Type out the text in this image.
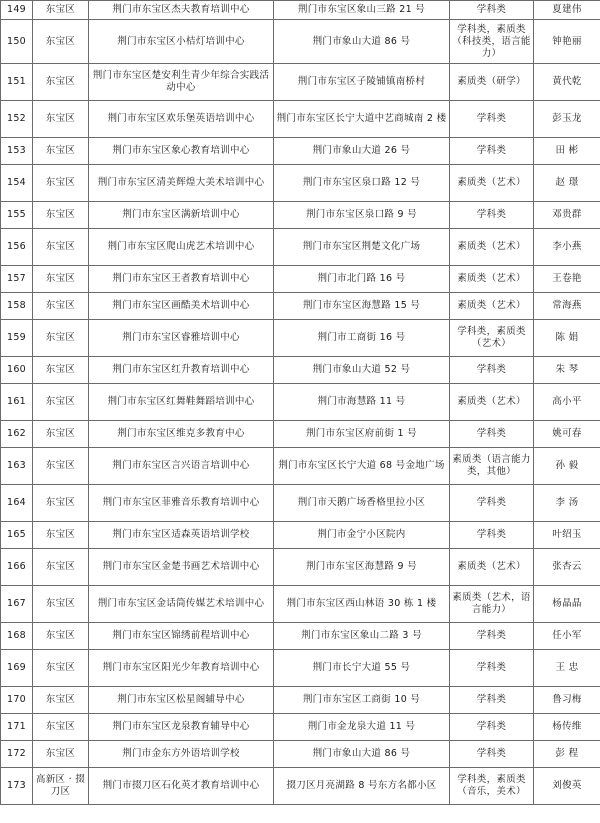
149	东宝区	荆门市东宝区杰夫教育培训中心	荆门市东宝区象山三路 21 号	学科类	夏建伟
150	东宝区	荆门市东宝区小桔灯培训中心	荆门市象山大道 86 号	学科类，素质类（科技类，语言能力）	钟艳丽
151	东宝区	荆门市东宝区楚安利生青少年综合实践活动中心	荆门市东宝区子陵铺镇南桥村	素质类（研学）	黄代乾
152	东宝区	荆门市东宝区欢乐堡英语培训中心	荆门市东宝区长宁大道中艺商城南 2 楼	学科类	彭玉龙
153	东宝区	荆门市东宝区象心教育培训中心	荆门市象山大道 26 号	学科类	田 彬
154	东宝区	荆门市东宝区清美辉煌大美术培训中心	荆门市东宝区泉口路 12 号	素质类（艺术）	赵 璟
155	东宝区	荆门市东宝区满新培训中心	荆门市东宝区泉口路 9 号	学科类	邓贵群
156	东宝区	荆门市东宝区爬山虎艺术培训中心	荆门市东宝区荆楚文化广场	素质类（艺术）	李小燕
157	东宝区	荆门市东宝区王者教育培训中心	荆门市北门路 16 号	素质类（艺术）	王卷艳
158	东宝区	荆门市东宝区画酷美术培训中心	荆门市东宝区海慧路 15 号	素质类（艺术）	常海燕
159	东宝区	荆门市东宝区睿雅培训中心	荆门市工商街 16 号	学科类，素质类（艺术）	陈 娟
160	东宝区	荆门市东宝区红升教育培训中心	荆门市象山大道 52 号	学科类	朱 琴
161	东宝区	荆门市东宝区红舞鞋舞蹈培训中心	荆门市海慧路 11 号	素质类（艺术）	高小平
162	东宝区	荆门市东宝区维克多教育中心	荆门市东宝区府前街 1 号	学科类	姚可春
163	东宝区	荆门市东宝区言兴语言培训中心	荆门市东宝区长宁大道 68 号金地广场	素质类（语言能力类，其他）	孙 毅
164	东宝区	荆门市东宝区菲雅音乐教育培训中心	荆门市天鹅广场香格里拉小区	学科类	李 汤
165	东宝区	荆门市东宝区适森英语培训学校	荆门市金宁小区院内	学科类	叶绍玉
166	东宝区	荆门市东宝区金楚书画艺术培训中心	荆门市东宝区海慧路 9 号	素质类（艺术）	张杏云
167	东宝区	荆门市东宝区金话筒传媒艺术培训中心	荆门市东宝区西山林语 30 栋 1 楼	素质类（艺术，语言能力）	杨晶晶
168	东宝区	荆门市东宝区锦绣前程培训中心	荆门市东宝区象山二路 3 号	学科类	任小军
169	东宝区	荆门市东宝区阳光少年教育培训中心	荆门市长宁大道 55 号	学科类	王 忠
170	东宝区	荆门市东宝区松星阁辅导中心	荆门市东宝区工商街 10 号	学科类	鲁习梅
171	东宝区	荆门市东宝区龙泉教育辅导中心	荆门市金龙泉大道 11 号	学科类	杨传维
172	东宝区	荆门市金东方外语培训学校	荆门市象山大道 86 号	学科类	彭 程
173	高新区 · 掇刀区	荆门市掇刀区石化英才教育培训中心	掇刀区月亮湖路 8 号东方名都小区	学科类，素质类（音乐，美术）	刘俊英
